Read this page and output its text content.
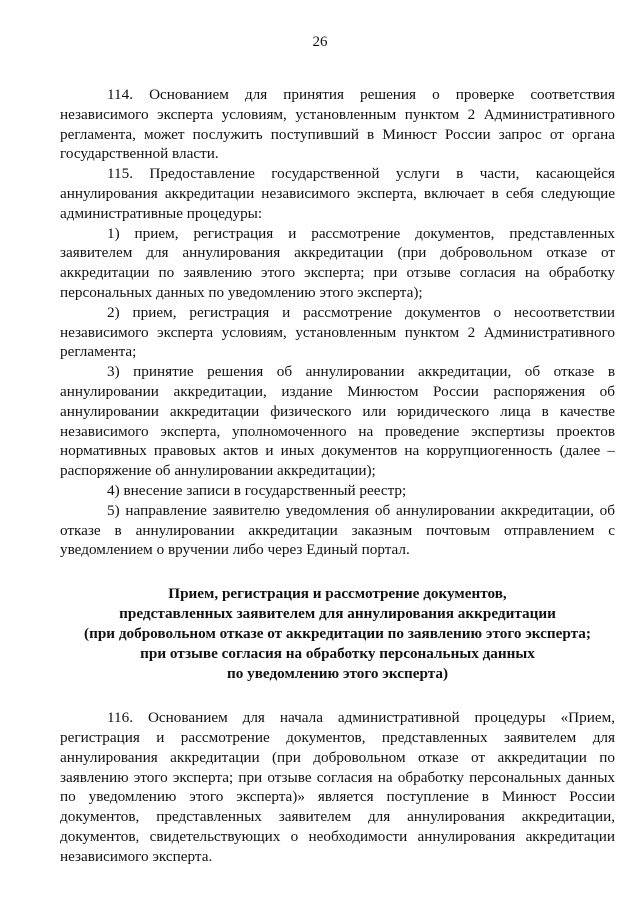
26

114. Основанием для принятия решения о проверке соответствия независимого эксперта условиям, установленным пунктом 2 Административного регламента, может послужить поступивший в Минюст России запрос от органа государственной власти.

115. Предоставление государственной услуги в части, касающейся аннулирования аккредитации независимого эксперта, включает в себя следующие административные процедуры:

1) прием, регистрация и рассмотрение документов, представленных заявителем для аннулирования аккредитации (при добровольном отказе от аккредитации по заявлению этого эксперта; при отзыве согласия на обработку персональных данных по уведомлению этого эксперта);

2) прием, регистрация и рассмотрение документов о несоответствии независимого эксперта условиям, установленным пунктом 2 Административного регламента;

3) принятие решения об аннулировании аккредитации, об отказе в аннулировании аккредитации, издание Минюстом России распоряжения об аннулировании аккредитации физического или юридического лица в качестве независимого эксперта, уполномоченного на проведение экспертизы проектов нормативных правовых актов и иных документов на коррупциогенность (далее – распоряжение об аннулировании аккредитации);

4) внесение записи в государственный реестр;

5) направление заявителю уведомления об аннулировании аккредитации, об отказе в аннулировании аккредитации заказным почтовым отправлением с уведомлением о вручении либо через Единый портал.

Прием, регистрация и рассмотрение документов,
представленных заявителем для аннулирования аккредитации
(при добровольном отказе от аккредитации по заявлению этого эксперта;
при отзыве согласия на обработку персональных данных
по уведомлению этого эксперта)

116. Основанием для начала административной процедуры «Прием, регистрация и рассмотрение документов, представленных заявителем для аннулирования аккредитации (при добровольном отказе от аккредитации по заявлению этого эксперта; при отзыве согласия на обработку персональных данных по уведомлению этого эксперта)» является поступление в Минюст России документов, представленных заявителем для аннулирования аккредитации, документов, свидетельствующих о необходимости аннулирования аккредитации независимого эксперта.
